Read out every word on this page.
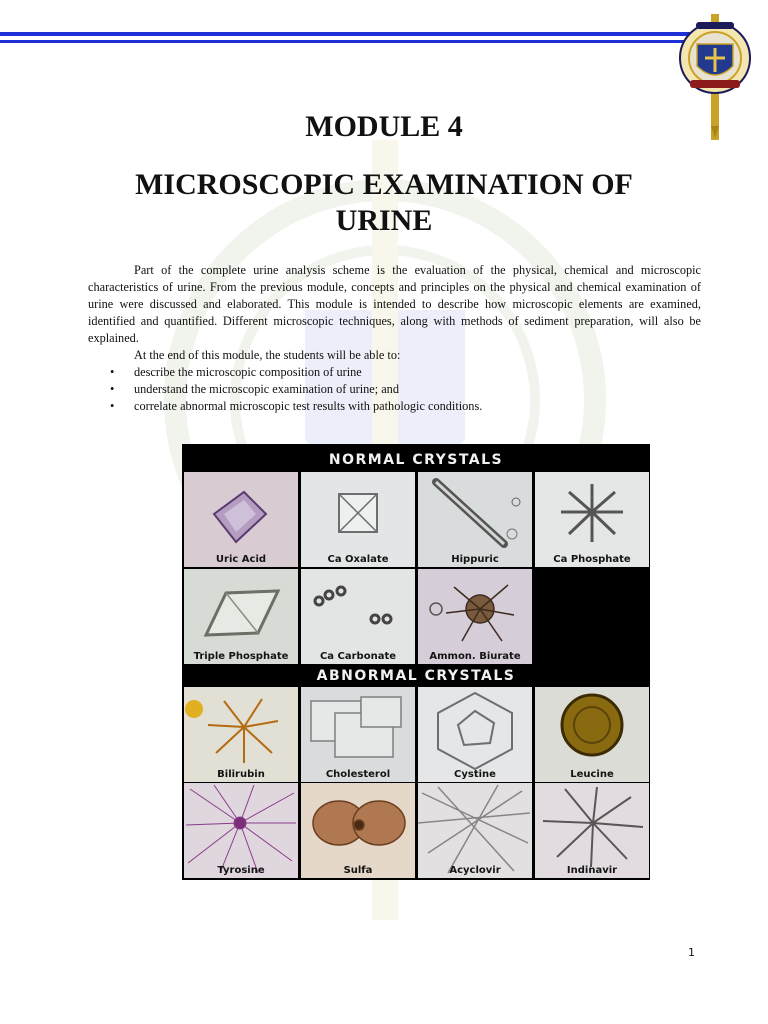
MODULE 4
MICROSCOPIC EXAMINATION OF URINE

Part of the complete urine analysis scheme is the evaluation of the physical, chemical and microscopic characteristics of urine. From the previous module, concepts and principles on the physical and chemical examination of urine were discussed and elaborated. This module is intended to describe how microscopic elements are examined, identified and quantified. Different microscopic techniques, along with methods of sediment preparation, will also be explained.

At the end of this module, the students will be able to:

• describe the microscopic composition of urine
• understand the microscopic examination of urine; and
• correlate abnormal microscopic test results with pathologic conditions.
NORMAL CRYSTALS
ABNORMAL CRYSTALS
Uric Acid	Ca Oxalate	Hippuric	Ca Phosphate
Triple Phosphate	Ca Carbonate	Ammon. Biurate
Bilirubin	Cholesterol	Cystine	Leucine
Tyrosine	Sulfa	Acyclovir	Indinavir
1
